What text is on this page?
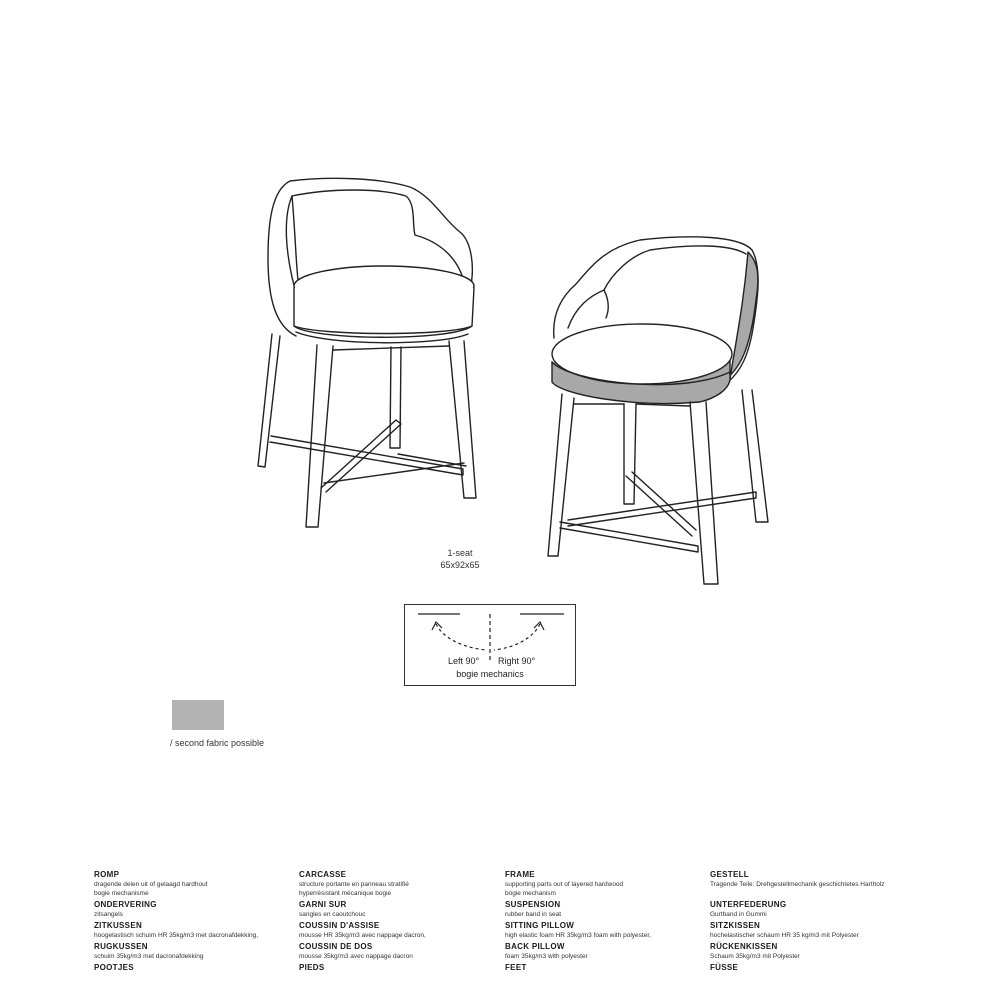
1-seat
65x92x65
Left 90° Right 90°
bogie mechanics
/ second fabric possible
ROMP
dragende delen uit of gelaagd hardhout
bogie mechanisme
ONDERVERING
zitsangels
ZITKUSSEN
hoogelastisch schuim HR 35kg/m3 met dacronafdekking,
RUGKUSSEN
schuim 35kg/m3 met dacronafdekking
POOTJES
CARCASSE
structure portante en panneau stratifié
hyperrésistant mécanique bogie
GARNI SUR
sangles en caoutchouc
COUSSIN D'ASSISE
mousse HR 35kg/m3 avec nappage dacron,
COUSSIN DE DOS
mousse 35kg/m3 avec nappage dacron
PIEDS
FRAME
supporting parts out of layered hardwood
bogie mechanism
SUSPENSION
rubber band in seat
SITTING PILLOW
high elastic foam HR 35kg/m3 foam with polyester,
BACK PILLOW
foam 35kg/m3 with polyester
FEET
GESTELL
Tragende Teile: Drehgestellmechanik geschichtetes Hartholz

UNTERFEDERUNG
Gurtband in Gummi
SITZKISSEN
hochelastischer schaum HR 35 kg/m3 mit Polyester
RÜCKENKISSEN
Schaum 35kg/m3 mit Polyester
FÜSSE
